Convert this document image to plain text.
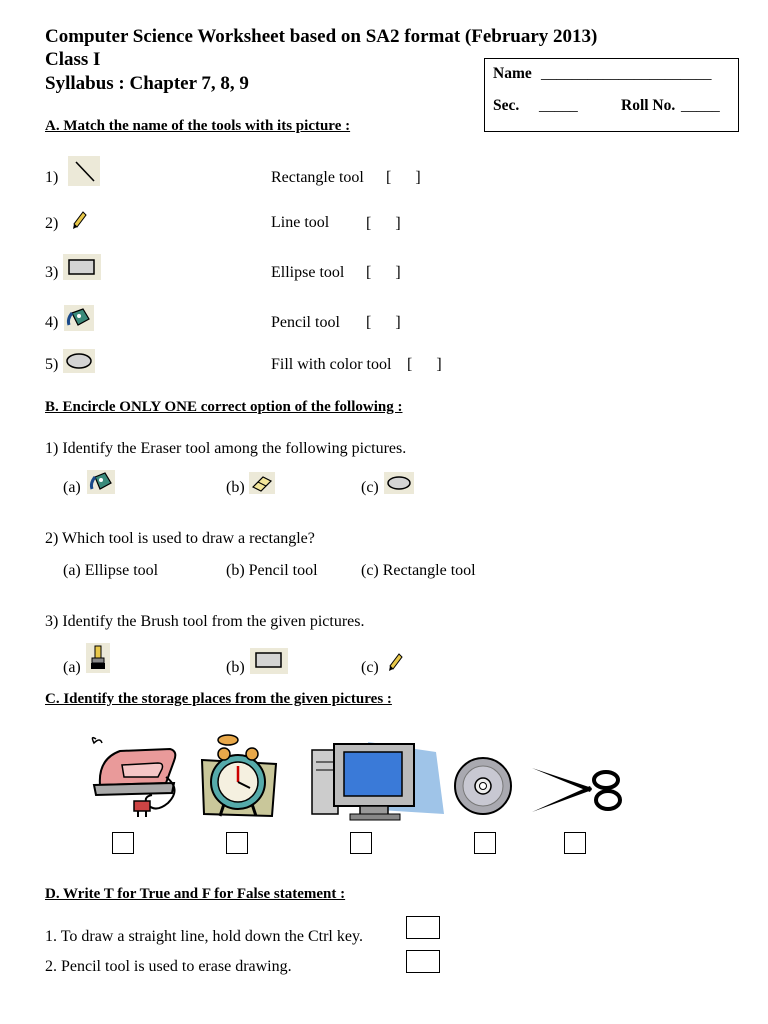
Computer Science Worksheet based on SA2 format (February 2013)
Class I
Syllabus : Chapter 7, 8, 9	Name ______________________
Sec. _____	Roll No. _____
A. Match the name of the tools with its picture :
1)	Rectangle tool [      ]
2)	Line tool [      ]
3)	Ellipse tool [      ]
4)	Pencil tool [      ]
5)	Fill with color tool [      ]
B. Encircle ONLY ONE correct option of the following :
1) Identify the Eraser tool among the following pictures.
(a)	(b)	(c)
2) Which tool is used to draw a rectangle?
(a) Ellipse tool	(b) Pencil tool	(c) Rectangle tool
3) Identify the Brush tool from the given pictures.
(a)	(b)	(c)
C. Identify the storage places from the given pictures :
D. Write T for True and F for False statement :
1. To draw a straight line, hold down the Ctrl key.
2. Pencil tool is used to erase drawing.
